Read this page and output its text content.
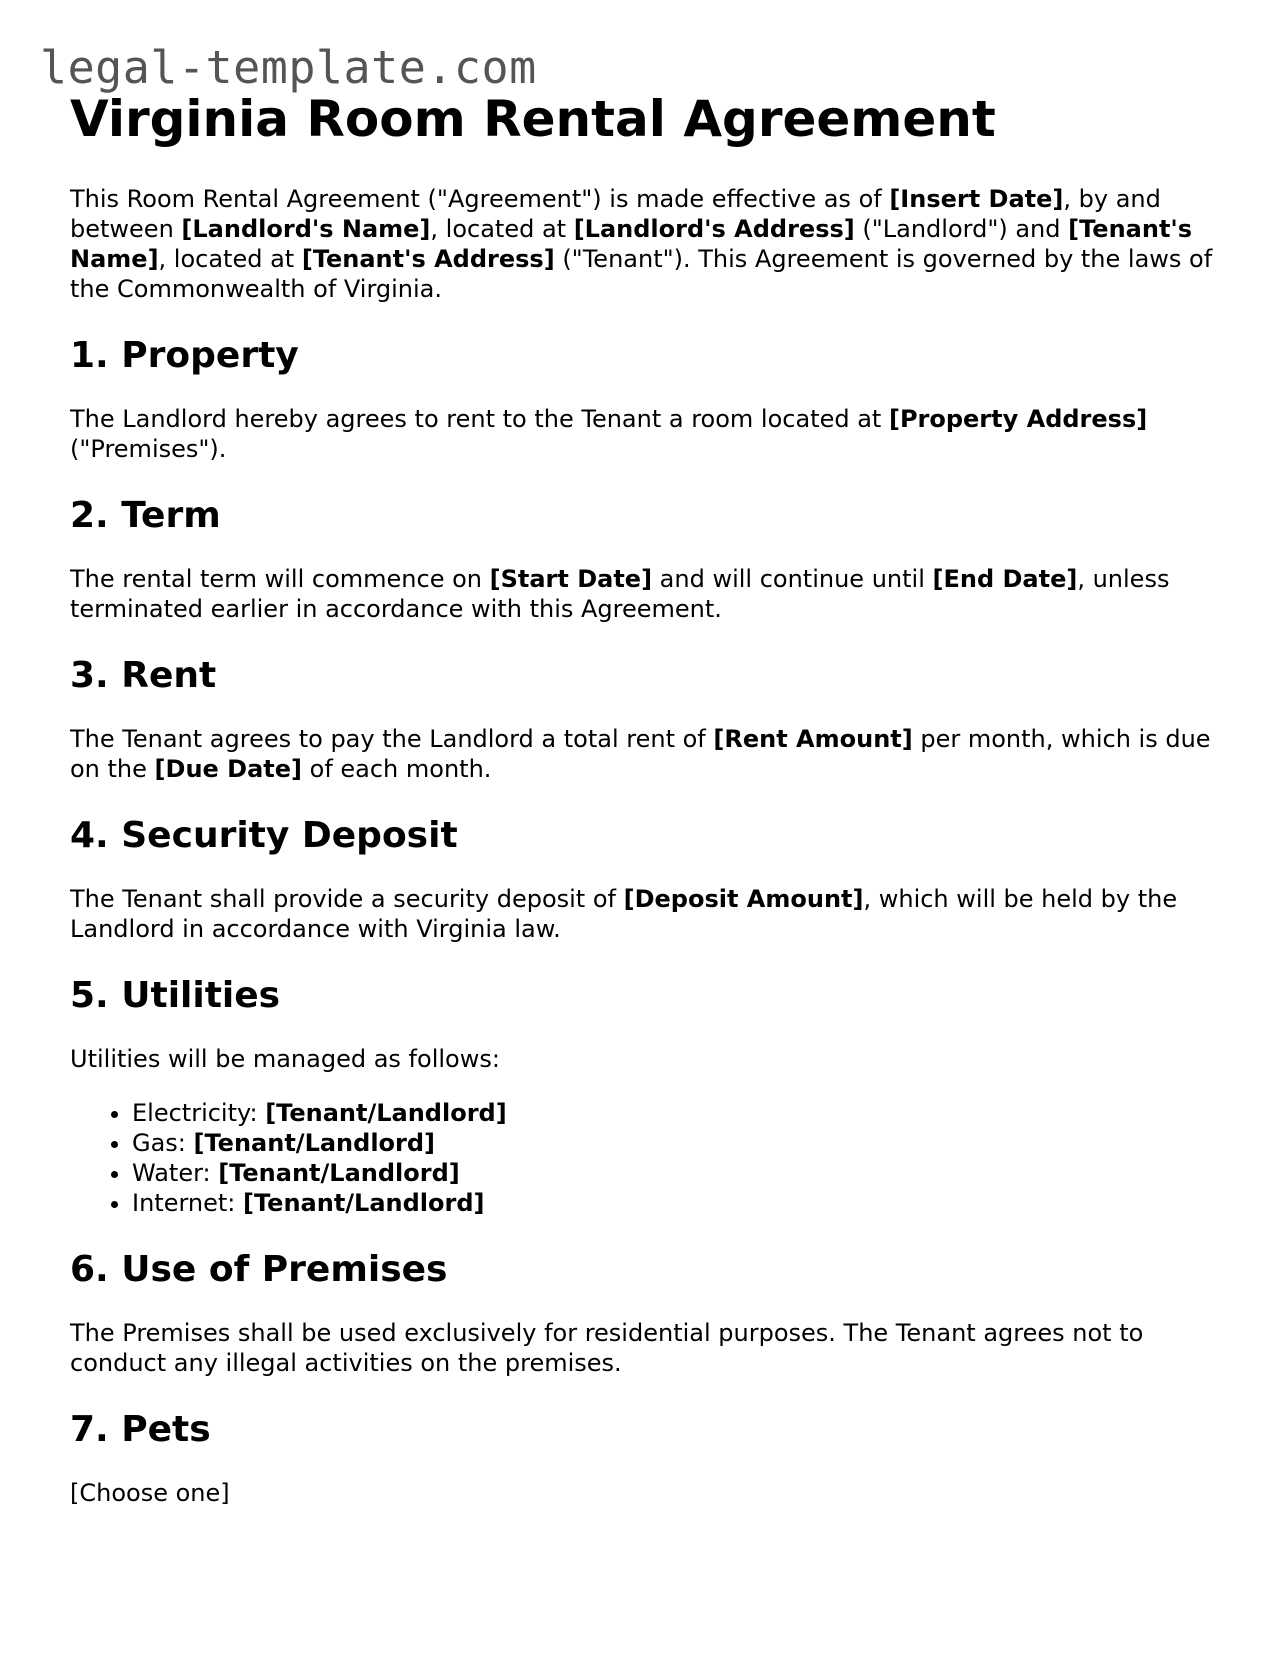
legal-template.com
Virginia Room Rental Agreement

This Room Rental Agreement ("Agreement") is made effective as of [Insert Date], by and between [Landlord's Name], located at [Landlord's Address] ("Landlord") and [Tenant's Name], located at [Tenant's Address] ("Tenant"). This Agreement is governed by the laws of the Commonwealth of Virginia.

1. Property

The Landlord hereby agrees to rent to the Tenant a room located at [Property Address] ("Premises").

2. Term

The rental term will commence on [Start Date] and will continue until [End Date], unless terminated earlier in accordance with this Agreement.

3. Rent

The Tenant agrees to pay the Landlord a total rent of [Rent Amount] per month, which is due on the [Due Date] of each month.

4. Security Deposit

The Tenant shall provide a security deposit of [Deposit Amount], which will be held by the Landlord in accordance with Virginia law.

5. Utilities

Utilities will be managed as follows:

• Electricity: [Tenant/Landlord]
• Gas: [Tenant/Landlord]
• Water: [Tenant/Landlord]
• Internet: [Tenant/Landlord]
6. Use of Premises

The Premises shall be used exclusively for residential purposes. The Tenant agrees not to conduct any illegal activities on the premises.

7. Pets

[Choose one]
